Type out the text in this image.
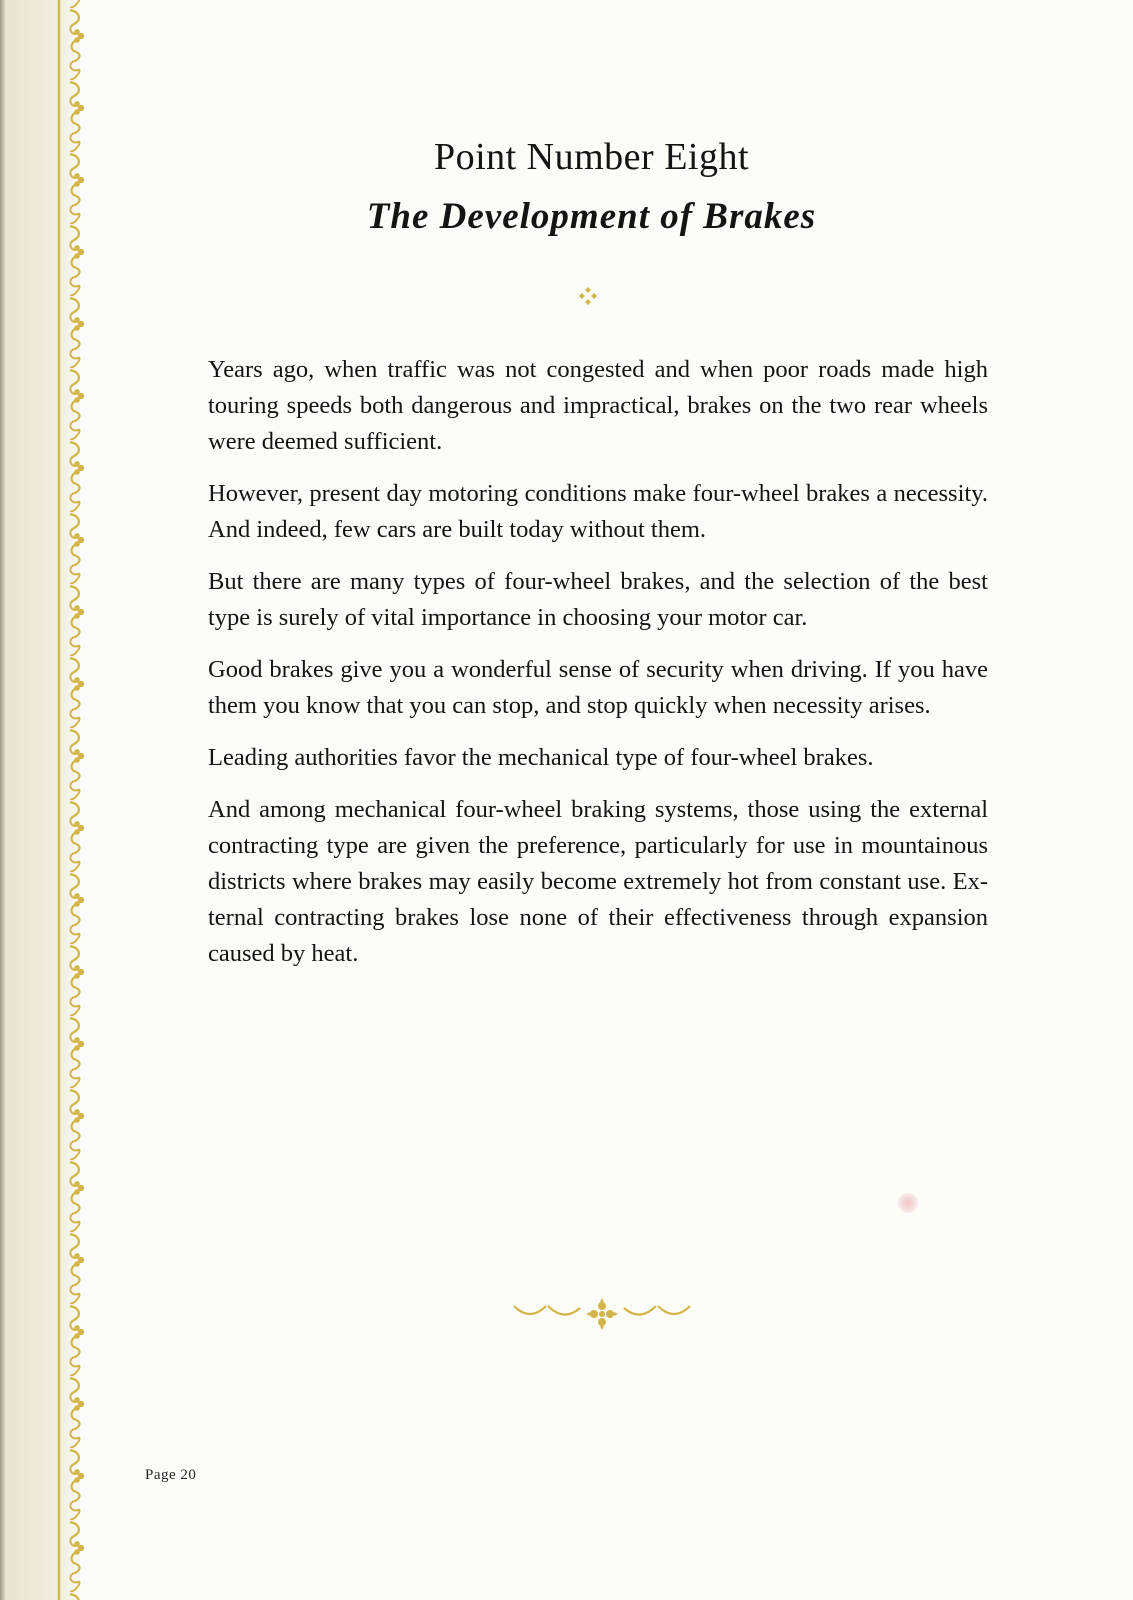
Point Number Eight
The Development of Brakes

Years ago, when traffic was not congested and when poor roads made high touring speeds both dangerous and impractical, brakes on the two rear wheels were deemed sufficient.

However, present day motoring conditions make four-wheel brakes a necessity. And indeed, few cars are built today without them.

But there are many types of four-wheel brakes, and the selection of the best type is surely of vital importance in choosing your motor car.

Good brakes give you a wonderful sense of security when driving. If you have them you know that you can stop, and stop quickly when necessity arises.

Leading authorities favor the mechanical type of four-wheel brakes.

And among mechanical four-wheel braking systems, those using the external contracting type are given the preference, particularly for use in mountainous districts where brakes may easily become extremely hot from constant use. External contracting brakes lose none of their effectiveness through expansion caused by heat.

Page 20
